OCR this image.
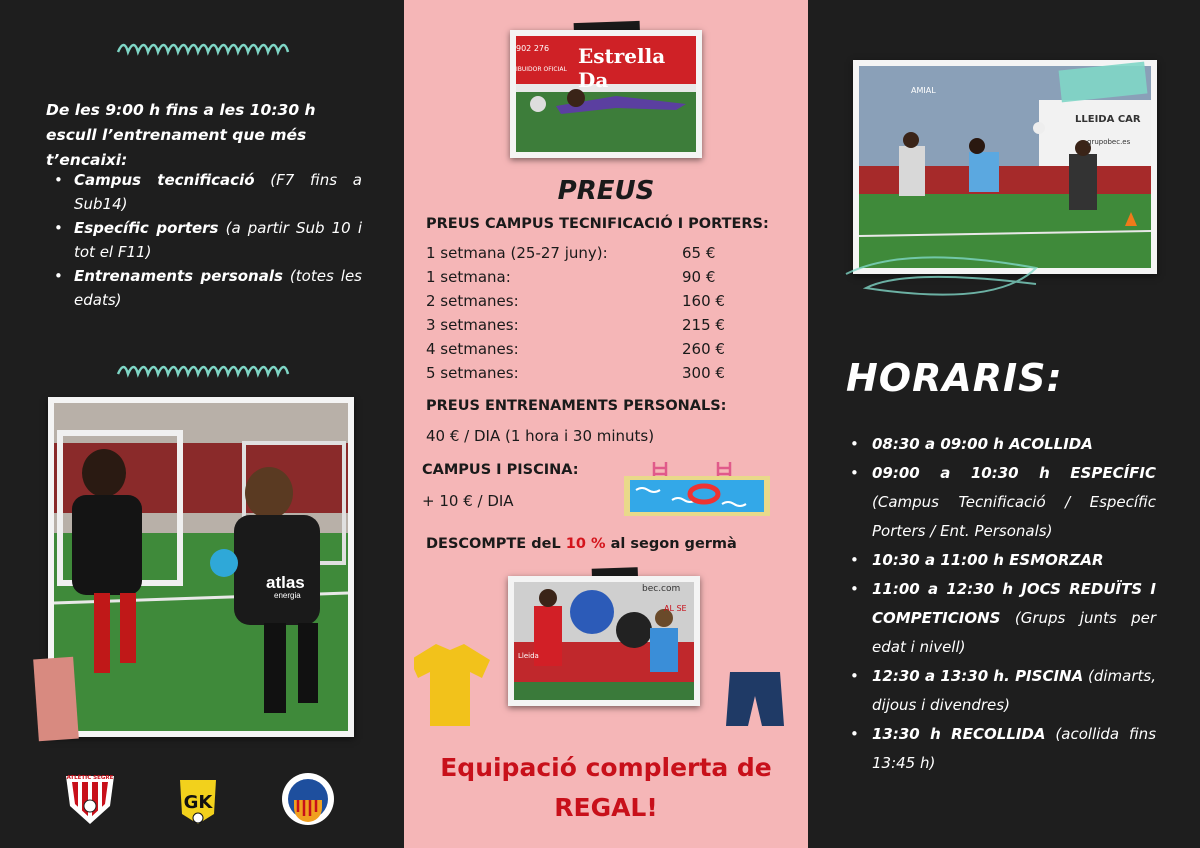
De les 9:00 h fins a les 10:30 h escull l’entrenament que més t’encaixi:
• Campus tecnificació (F7 fins a Sub14)
• Específic porters (a partir Sub 10 i tot el F11)
• Entrenaments personals (totes les edats)
atlas
energia
ATLÈTIC SEGRE
GK
★ ★ ★
Estrella Da
902 276
IBUIDOR OFICIAL
PREUS
PREUS CAMPUS TECNIFICACIÓ I PORTERS:
1 setmana (25-27 juny):	65 €
1 setmana:	90 €
2 setmanes:	160 €
3 setmanes:	215 €
4 setmanes:	260 €
5 setmanes:	300 €
PREUS ENTRENAMENTS PERSONALS:
40 € / DIA (1 hora i 30 minuts)
CAMPUS I PISCINA:
+ 10 € / DIA
DESCOMPTE deL 10 % al segon germà
bec.com
Lleida
AL SE
Equipació complerta de
REGAL!
LLEIDA CAR
grupobec.es
AMIAL
HORARIS:
• 08:30 a 09:00 h ACOLLIDA
• 09:00 a 10:30 h ESPECÍFIC (Campus Tecnificació / Específic Porters / Ent. Personals)
• 10:30 a 11:00 h ESMORZAR
• 11:00 a 12:30 h JOCS REDUÏTS I COMPETICIONS (Grups junts per edat i nivell)
• 12:30 a 13:30 h. PISCINA (dimarts, dijous i divendres)
• 13:30 h RECOLLIDA (acollida fins 13:45 h)
